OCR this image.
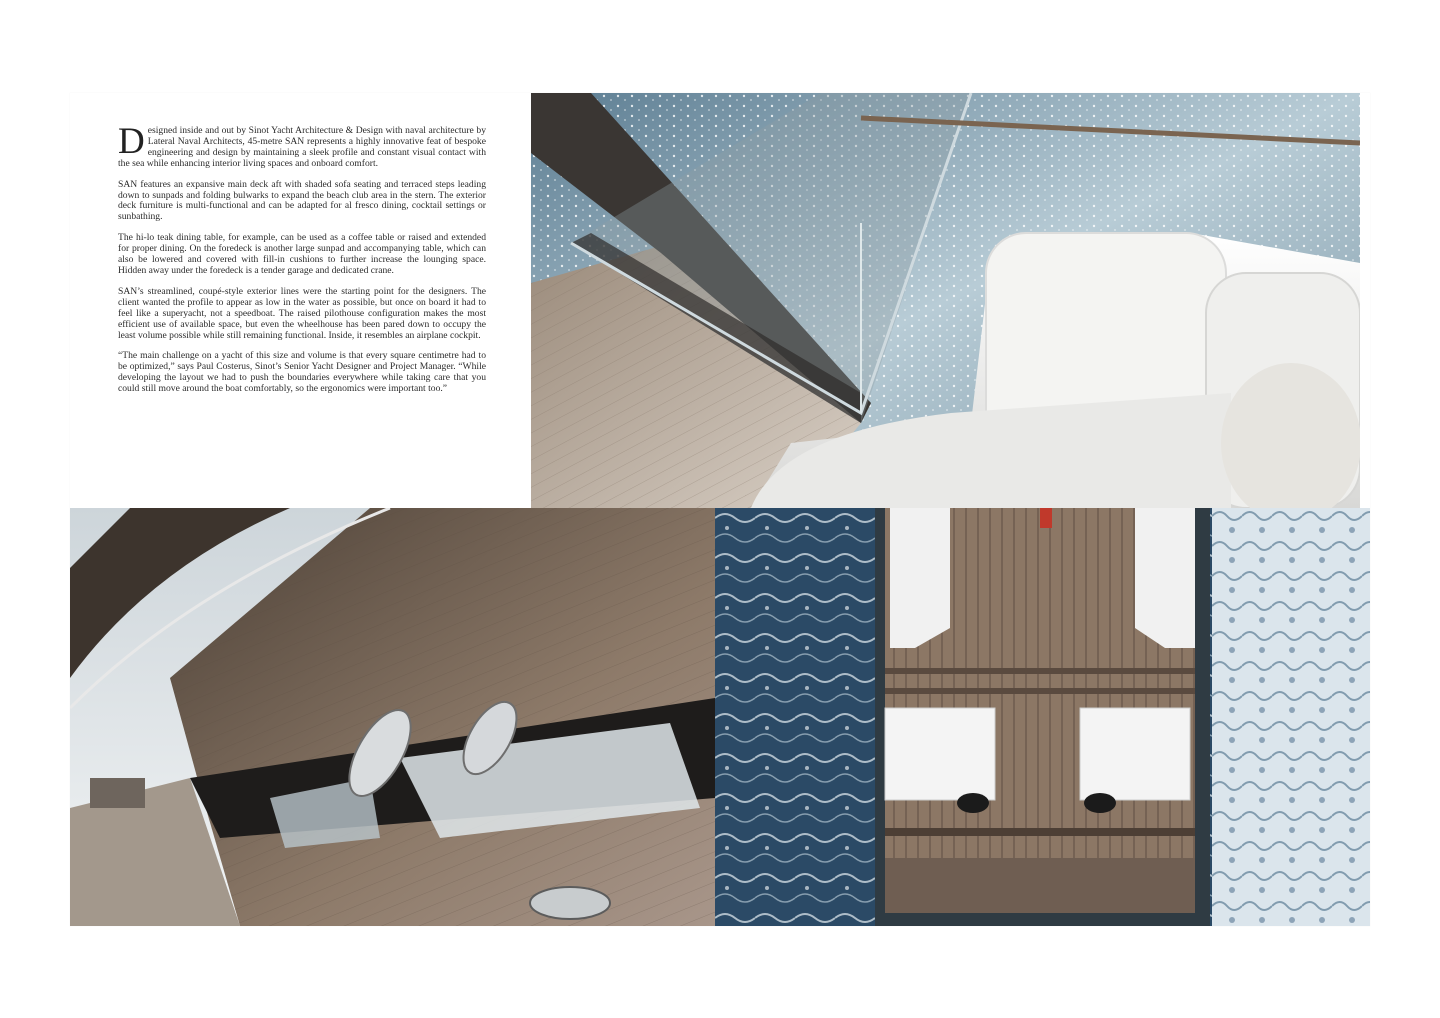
Designed inside and out by Sinot Yacht Architecture & Design with naval architecture by Lateral Naval Architects, 45-metre SAN represents a highly innovative feat of bespoke engineering and design by maintaining a sleek profile and constant visual contact with the sea while enhancing interior living spaces and onboard comfort.

SAN features an expansive main deck aft with shaded sofa seating and terraced steps leading down to sunpads and folding bulwarks to expand the beach club area in the stern. The exterior deck furniture is multi-functional and can be adapted for al fresco dining, cocktail settings or sunbathing.

The hi-lo teak dining table, for example, can be used as a coffee table or raised and extended for proper dining. On the foredeck is another large sunpad and accompanying table, which can also be lowered and covered with fill-in cushions to further increase the lounging space. Hidden away under the foredeck is a tender garage and dedicated crane.

SAN’s streamlined, coupé-style exterior lines were the starting point for the designers. The client wanted the profile to appear as low in the water as possible, but once on board it had to feel like a superyacht, not a speedboat. The raised pilothouse configuration makes the most efficient use of available space, but even the wheelhouse has been pared down to occupy the least volume possible while still remaining functional. Inside, it resembles an airplane cockpit.

“The main challenge on a yacht of this size and volume is that every square centimetre had to be optimized,” says Paul Costerus, Sinot’s Senior Yacht Designer and Project Manager. “While developing the layout we had to push the boundaries everywhere while taking care that you could still move around the boat comfortably, so the ergonomics were important too.”
